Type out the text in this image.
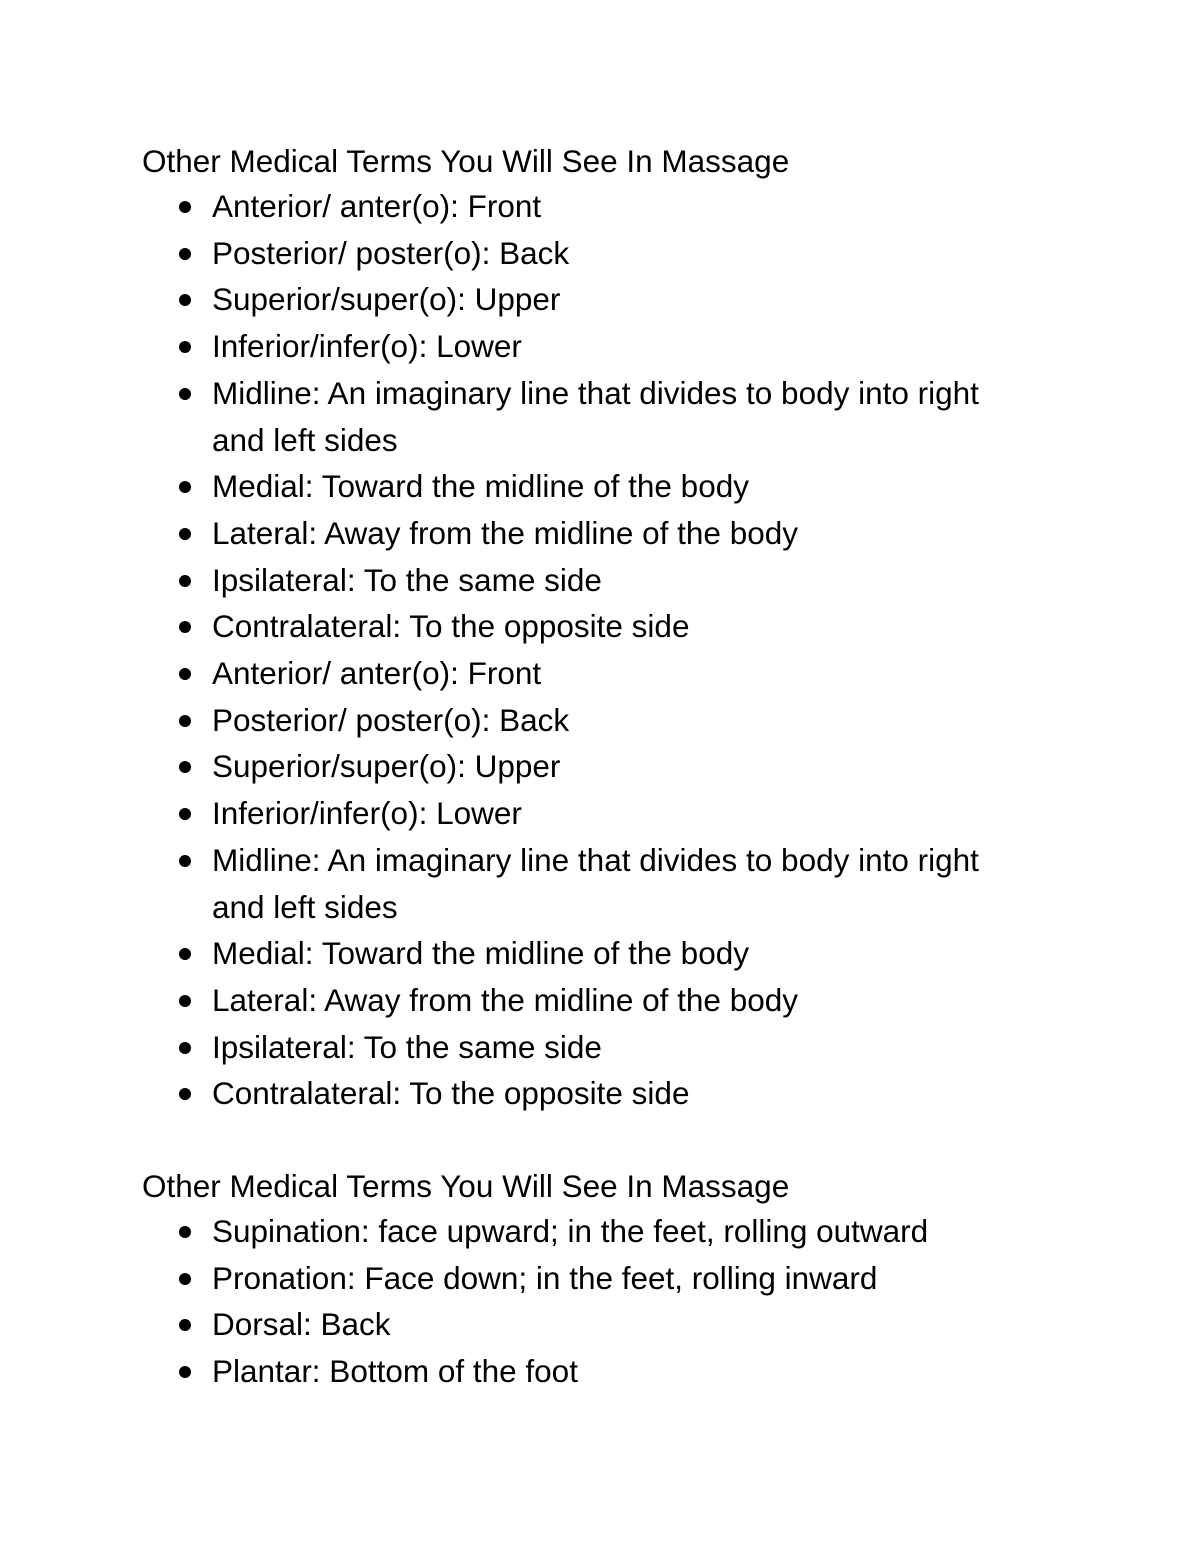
Other Medical Terms You Will See In Massage

Anterior/ anter(o): Front
Posterior/ poster(o): Back
Superior/super(o): Upper
Inferior/infer(o): Lower
Midline: An imaginary line that divides to body into right and left sides
Medial: Toward the midline of the body
Lateral: Away from the midline of the body
Ipsilateral: To the same side
Contralateral: To the opposite side
Anterior/ anter(o): Front
Posterior/ poster(o): Back
Superior/super(o): Upper
Inferior/infer(o): Lower
Midline: An imaginary line that divides to body into right and left sides
Medial: Toward the midline of the body
Lateral: Away from the midline of the body
Ipsilateral: To the same side
Contralateral: To the opposite side

Other Medical Terms You Will See In Massage

Supination: face upward; in the feet, rolling outward
Pronation: Face down; in the feet, rolling inward
Dorsal: Back
Plantar: Bottom of the foot
